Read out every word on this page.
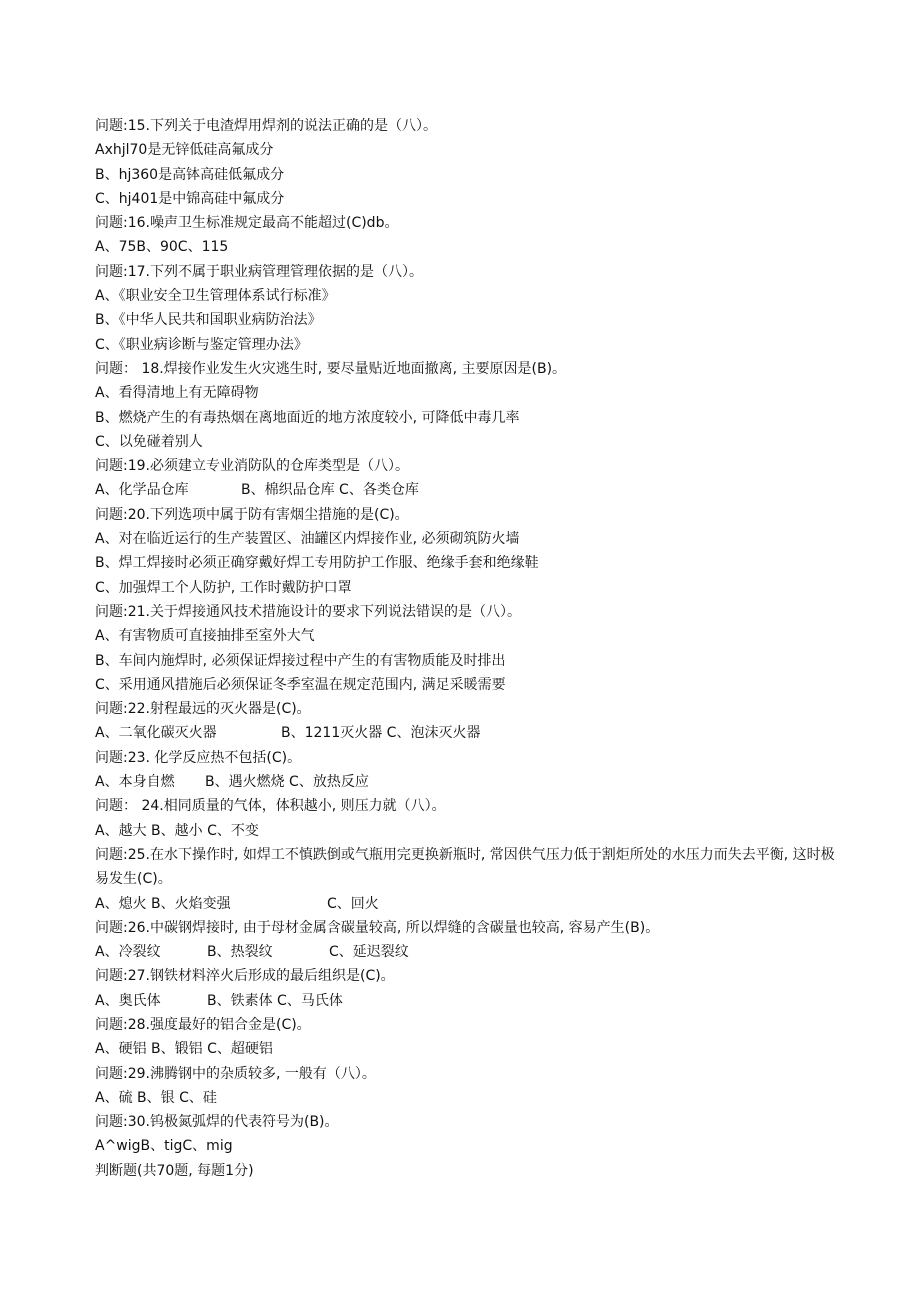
问题:15.下列关于电渣焊用焊剂的说法正确的是（八）。
Axhjl70是无锌低硅高氟成分
B、hj360是高钵高硅低氟成分
C、hj401是中锦高硅中氟成分
问题:16.噪声卫生标准规定最高不能超过(C)db。
A、75B、90C、115
问题:17.下列不属于职业病管理管理依据的是（八）。
A、《职业安全卫生管理体系试行标准》
B、《中华人民共和国职业病防治法》
C、《职业病诊断与鉴定管理办法》
问题： 18.焊接作业发生火灾逃生时, 要尽量贴近地面撤离, 主要原因是(B)。
A、看得清地上有无障碍物
B、燃烧产生的有毒热烟在离地面近的地方浓度较小, 可降低中毒几率
C、以免碰着别人
问题:19.必须建立专业消防队的仓库类型是（八）。
A、化学品仓库	B、棉织品仓库 C、各类仓库
问题:20.下列选项中属于防有害烟尘措施的是(C)。
A、对在临近运行的生产装置区、油罐区内焊接作业, 必须砌筑防火墙
B、焊工焊接时必须正确穿戴好焊工专用防护工作服、绝缘手套和绝缘鞋
C、加强焊工个人防护, 工作时戴防护口罩
问题:21.关于焊接通风技术措施设计的要求下列说法错误的是（八）。
A、有害物质可直接抽排至室外大气
B、车间内施焊时, 必须保证焊接过程中产生的有害物质能及时排出
C、采用通风措施后必须保证冬季室温在规定范围内, 满足采暖需要
问题:22.射程最远的灭火器是(C)。
A、二氧化碳灭火器	B、1211灭火器 C、泡沫灭火器
问题:23. 化学反应热不包括(C)。
A、本身自燃 B、遇火燃烧 C、放热反应
问题： 24.相同质量的气体，体积越小, 则压力就（八）。
A、越大 B、越小 C、不变
问题:25.在水下操作时, 如焊工不慎跌倒或气瓶用完更换新瓶时, 常因供气压力低于割炬所处的水压力而失去平衡, 这时极易发生(C)。
A、熄火 B、火焰变强	C、回火
问题:26.中碳钢焊接时, 由于母材金属含碳量较高, 所以焊缝的含碳量也较高, 容易产生(B)。
A、冷裂纹	B、热裂纹	C、延迟裂纹
问题:27.钢铁材料淬火后形成的最后组织是(C)。
A、奥氏体	B、铁素体 C、马氏体
问题:28.强度最好的铝合金是(C)。
A、硬铝 B、锻铝 C、超硬铝
问题:29.沸腾钢中的杂质较多, 一般有（八）。
A、硫 B、银 C、硅
问题:30.钨极氮弧焊的代表符号为(B)。
A^wigB、tigC、mig
判断题(共70题, 每题1分)
